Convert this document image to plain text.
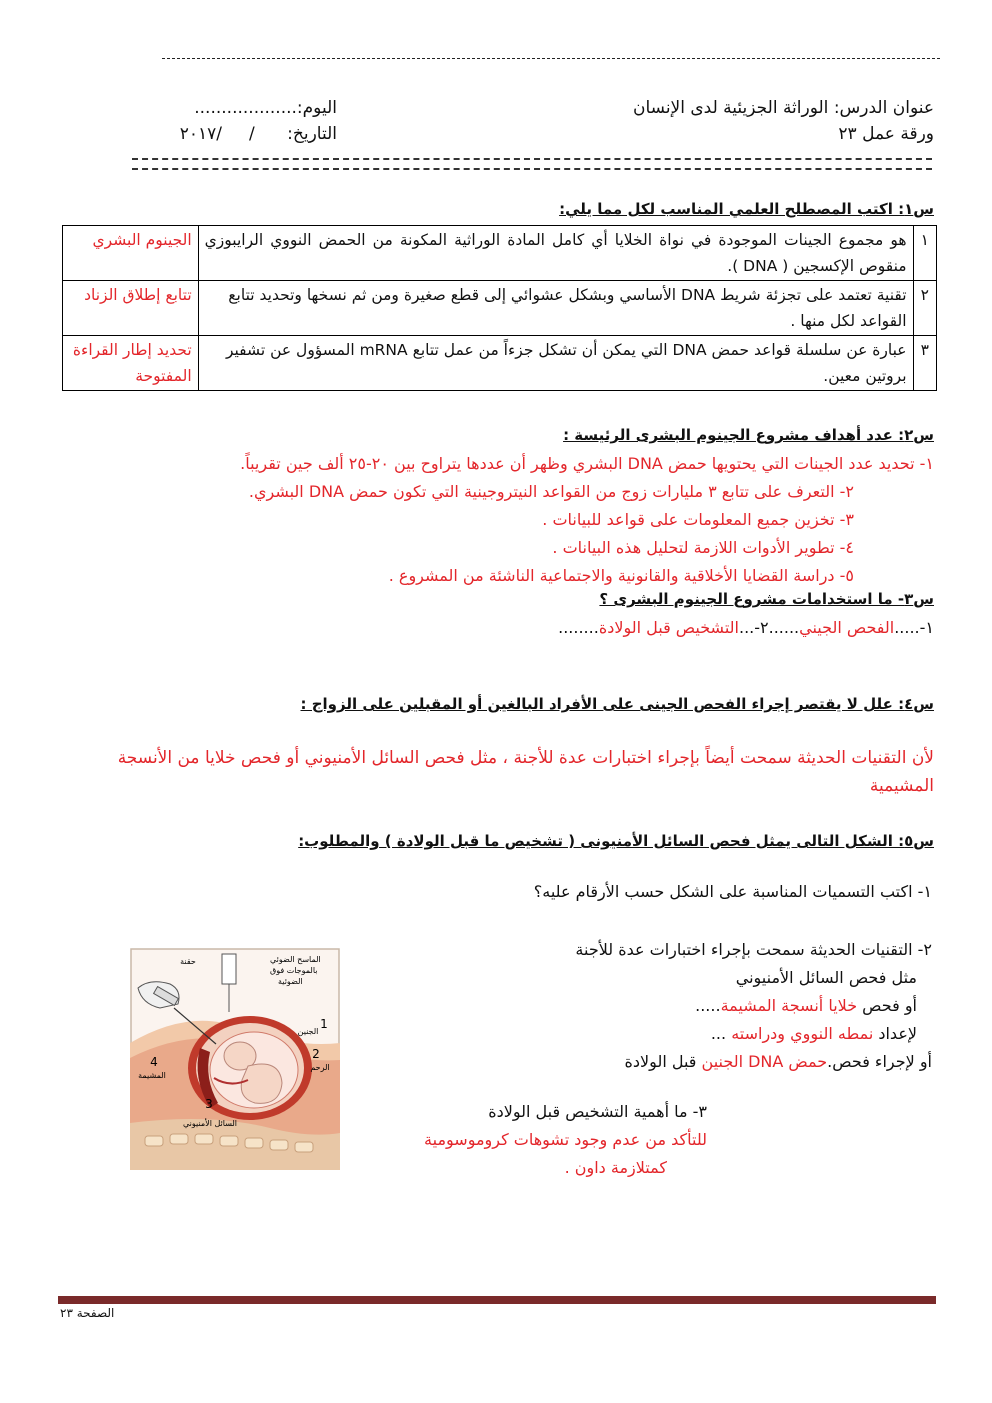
عنوان الدرس: الوراثة الجزيئية لدى الإنسان
اليوم:...................
ورقة عمل ٢٣
التاريخ:      /     /٢٠١٧
س١: اكتب المصطلح العلمي المناسب لكل مما يلي:
١	هو مجموع الجينات الموجودة في نواة الخلايا أي كامل المادة الوراثية المكونة من الحمض النووي الرايبوزي منقوص الإكسجين ( DNA ).	الجينوم البشري
٢	تقنية تعتمد على تجزئة شريط DNA الأساسي وبشكل عشوائي إلى قطع صغيرة ومن ثم نسخها وتحديد تتابع القواعد لكل منها .	تتابع إطلاق الزناد
٣	عبارة عن سلسلة قواعد حمض DNA التي يمكن أن تشكل جزءاً من عمل تتابع mRNA المسؤول عن تشفير بروتين معين.	تحديد إطار القراءة المفتوحة
س٢: عدد أهداف مشروع الجينوم البشرى الرئيسة :
١- تحديد عدد الجينات التي يحتويها حمض DNA البشري وظهر أن عددها يتراوح بين ٢٠-٢٥ ألف جين تقريباً.
٢- التعرف على تتابع ٣ مليارات زوج من القواعد النيتروجينية التي تكون حمض DNA البشري.
٣- تخزين جميع المعلومات على قواعد للبيانات .
٤- تطوير الأدوات اللازمة لتحليل هذه البيانات .
٥- دراسة القضايا الأخلاقية والقانونية والاجتماعية الناشئة من المشروع .
س٣- ما استخدامات مشروع الجينوم البشرى ؟
١-.....الفحص الجيني......٢-...التشخيص قبل الولادة........
س٤: علل لا يقتصر إجراء الفحص الجينى على الأفراد البالغين أو المقبلين على الزواج :
لأن التقنيات الحديثة سمحت أيضاً بإجراء اختبارات عدة للأجنة ، مثل فحص السائل الأمنيوني أو فحص خلايا من الأنسجة المشيمية
س٥: الشكل التالى يمثل فحص السائل الأمنيونى ( تشخيص ما قبل الولادة ) والمطلوب:
١- اكتب التسميات المناسبة على الشكل حسب الأرقام عليه؟
٢- التقنيات الحديثة سمحت بإجراء اختبارات عدة للأجنة
مثل فحص السائل الأمنيوني
أو فحص خلايا أنسجة المشيمة.....
لإعداد نمطه النووي ودراسته ...
أو لإجراء فحص.حمض DNA الجنين قبل الولادة
٣- ما أهمية التشخيص قبل الولادة
للتأكد من عدم وجود تشوهات كروموسومية
كمتلازمة داون .
حقنة	الماسح الضوئي
بالموجات فوق
الضوئية
الجنين
الرحم
المشيمة
السائل الأمنيوني
1
2
3
4
الصفحة ٢٣
